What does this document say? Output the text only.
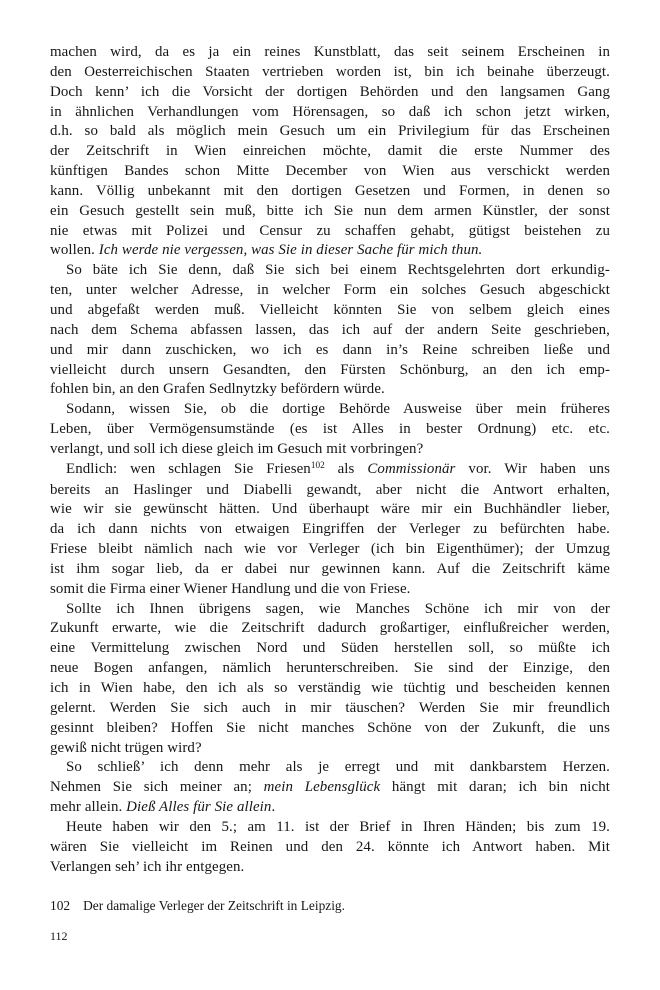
machen wird, da es ja ein reines Kunstblatt, das seit seinem Erscheinen in
den Oesterreichischen Staaten vertrieben worden ist, bin ich beinahe überzeugt.
Doch kenn’ ich die Vorsicht der dortigen Behörden und den langsamen Gang
in ähnlichen Verhandlungen vom Hörensagen, so daß ich schon jetzt wirken,
d.h. so bald als möglich mein Gesuch um ein Privilegium für das Erscheinen
der Zeitschrift in Wien einreichen möchte, damit die erste Nummer des
künftigen Bandes schon Mitte December von Wien aus verschickt werden
kann. Völlig unbekannt mit den dortigen Gesetzen und Formen, in denen so
ein Gesuch gestellt sein muß, bitte ich Sie nun dem armen Künstler, der sonst
nie etwas mit Polizei und Censur zu schaffen gehabt, gütigst beistehen zu
wollen. Ich werde nie vergessen, was Sie in dieser Sache für mich thun.
So bäte ich Sie denn, daß Sie sich bei einem Rechtsgelehrten dort erkundig-
ten, unter welcher Adresse, in welcher Form ein solches Gesuch abgeschickt
und abgefaßt werden muß. Vielleicht könnten Sie von selbem gleich eines
nach dem Schema abfassen lassen, das ich auf der andern Seite geschrieben,
und mir dann zuschicken, wo ich es dann in’s Reine schreiben ließe und
vielleicht durch unsern Gesandten, den Fürsten Schönburg, an den ich emp-
fohlen bin, an den Grafen Sedlnytzky befördern würde.
Sodann, wissen Sie, ob die dortige Behörde Ausweise über mein früheres
Leben, über Vermögensumstände (es ist Alles in bester Ordnung) etc. etc.
verlangt, und soll ich diese gleich im Gesuch mit vorbringen?
Endlich: wen schlagen Sie Friesen$^{102}$ als Commissionär vor. Wir haben uns
bereits an Haslinger und Diabelli gewandt, aber nicht die Antwort erhalten,
wie wir sie gewünscht hätten. Und überhaupt wäre mir ein Buchhändler lieber,
da ich dann nichts von etwaigen Eingriffen der Verleger zu befürchten habe.
Friese bleibt nämlich nach wie vor Verleger (ich bin Eigenthümer); der Umzug
ist ihm sogar lieb, da er dabei nur gewinnen kann. Auf die Zeitschrift käme
somit die Firma einer Wiener Handlung und die von Friese.
Sollte ich Ihnen übrigens sagen, wie Manches Schöne ich mir von der
Zukunft erwarte, wie die Zeitschrift dadurch großartiger, einflußreicher werden,
eine Vermittelung zwischen Nord und Süden herstellen soll, so müßte ich
neue Bogen anfangen, nämlich herunterschreiben. Sie sind der Einzige, den
ich in Wien habe, den ich als so verständig wie tüchtig und bescheiden kennen
gelernt. Werden Sie sich auch in mir täuschen? Werden Sie mir freundlich
gesinnt bleiben? Hoffen Sie nicht manches Schöne von der Zukunft, die uns
gewiß nicht trügen wird?
So schließ’ ich denn mehr als je erregt und mit dankbarstem Herzen.
Nehmen Sie sich meiner an; mein Lebensglück hängt mit daran; ich bin nicht
mehr allein. Dieß Alles für Sie allein.
Heute haben wir den 5.; am 11. ist der Brief in Ihren Händen; bis zum 19.
wären Sie vielleicht im Reinen und den 24. könnte ich Antwort haben. Mit
Verlangen seh’ ich ihr entgegen.
102 Der damalige Verleger der Zeitschrift in Leipzig.
112
